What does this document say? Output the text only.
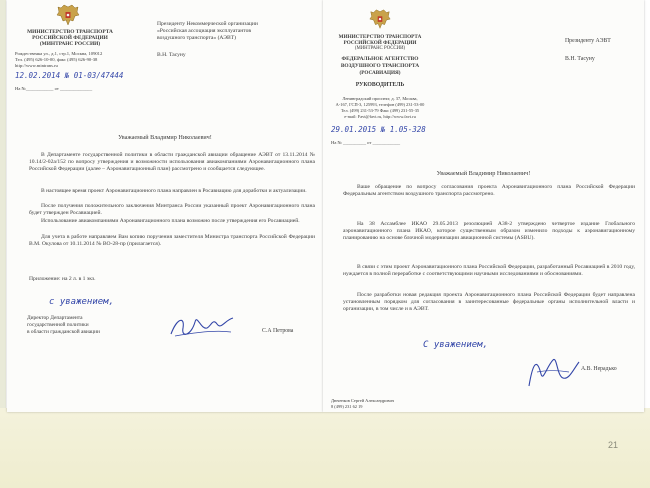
21
МИНИСТЕРСТВО ТРАНСПОРТА
РОССИЙСКОЙ ФЕДЕРАЦИИ
(МИНТРАНС РОССИИ)
Рождественка ул., д.1, стр.1, Москва, 109012
Тел. (495) 626-10-00, факс (495) 626-90-38
http://www.mintrans.ru
12.02.2014 № 01-03/47444
На №____________ от ______________
Президенту Некоммерческой организации
«Российская ассоциация эксплуатантов
воздушного транспорта» (АЭВТ)
В.Н. Тасуну
Уважаемый Владимир Николаевич!
В Департаменте государственной политики в области гражданской авиации обращение АЭВТ от 13.11.2014 № 10.14/2-02а/152 по вопросу утверждения и возможности использования авиакомпаниями Аэронавигационного плана Российской Федерации (далее – Аэронавигационный план) рассмотрено и сообщается следующее.
В настоящее время проект Аэронавигационного плана направлен в Росавиацию для доработки и актуализации.
После получения положительного заключения Минтранса России указанный проект Аэронавигационного плана будет утвержден Росавиацией.
Использование авиакомпаниями Аэронавигационного плана возможно после утверждения его Росавиацией.
Для учета в работе направляем Вам копию поручения заместителя Министра транспорта Российской Федерации В.М. Окулова от 10.11.2014 № ВО-28-пр (прилагается).
Приложение: на 2 л. в 1 экз.
с уважением,
Директор Департамента
государственной политики
в области гражданской авиации	С.А Петрова
МИНИСТЕРСТВО ТРАНСПОРТА
РОССИЙСКОЙ ФЕДЕРАЦИИ
(МИНТРАНС РОССИИ)
ФЕДЕРАЛЬНОЕ АГЕНТСТВО
ВОЗДУШНОГО ТРАНСПОРТА
(РОСАВИАЦИЯ)
РУКОВОДИТЕЛЬ
Ленинградский проспект, д. 37, Москва,
А-167, ГСП-3, 125993, телефон (499) 231-53-00
Тел. (499) 231-53-79 Факс (499) 231-55-35
e-mail: Favt@favt.ru, http://www.favt.ru
29.01.2015 № 1.05-328
На № __________ от ____________
Президенту АЭВТ
В.Н. Тасуну
Уважаемый Владимир Николаевич!
Ваше обращение по вопросу согласования проекта Аэронавигационного плана Российской Федерации Федеральным агентством воздушного транспорта рассмотрено.
На 38 Ассамблее ИКАО 29.05.2013 резолюцией А38-2 утверждено четвертое издание Глобального аэронавигационного плана ИКАО, которое существенным образом изменило подходы к аэронавигационному планированию на основе блочной модернизации авиационной системы (ASBU).
В связи с этим проект Аэронавигационного плана Российской Федерации, разработанный Росавиацией в 2010 году, нуждается в полной переработке с соответствующими научными исследованиями и обоснованиями.
После разработки новая редакция проекта Аэронавигационного плана Российской Федерации будет направлена установленным порядком для согласования в заинтересованные федеральные органы исполнительной власти и организации, в том числе и в АЭВТ.
С уважением,
А.В. Нерадько
Дюченков Сергей Александрович
8 (499) 231 62 19
